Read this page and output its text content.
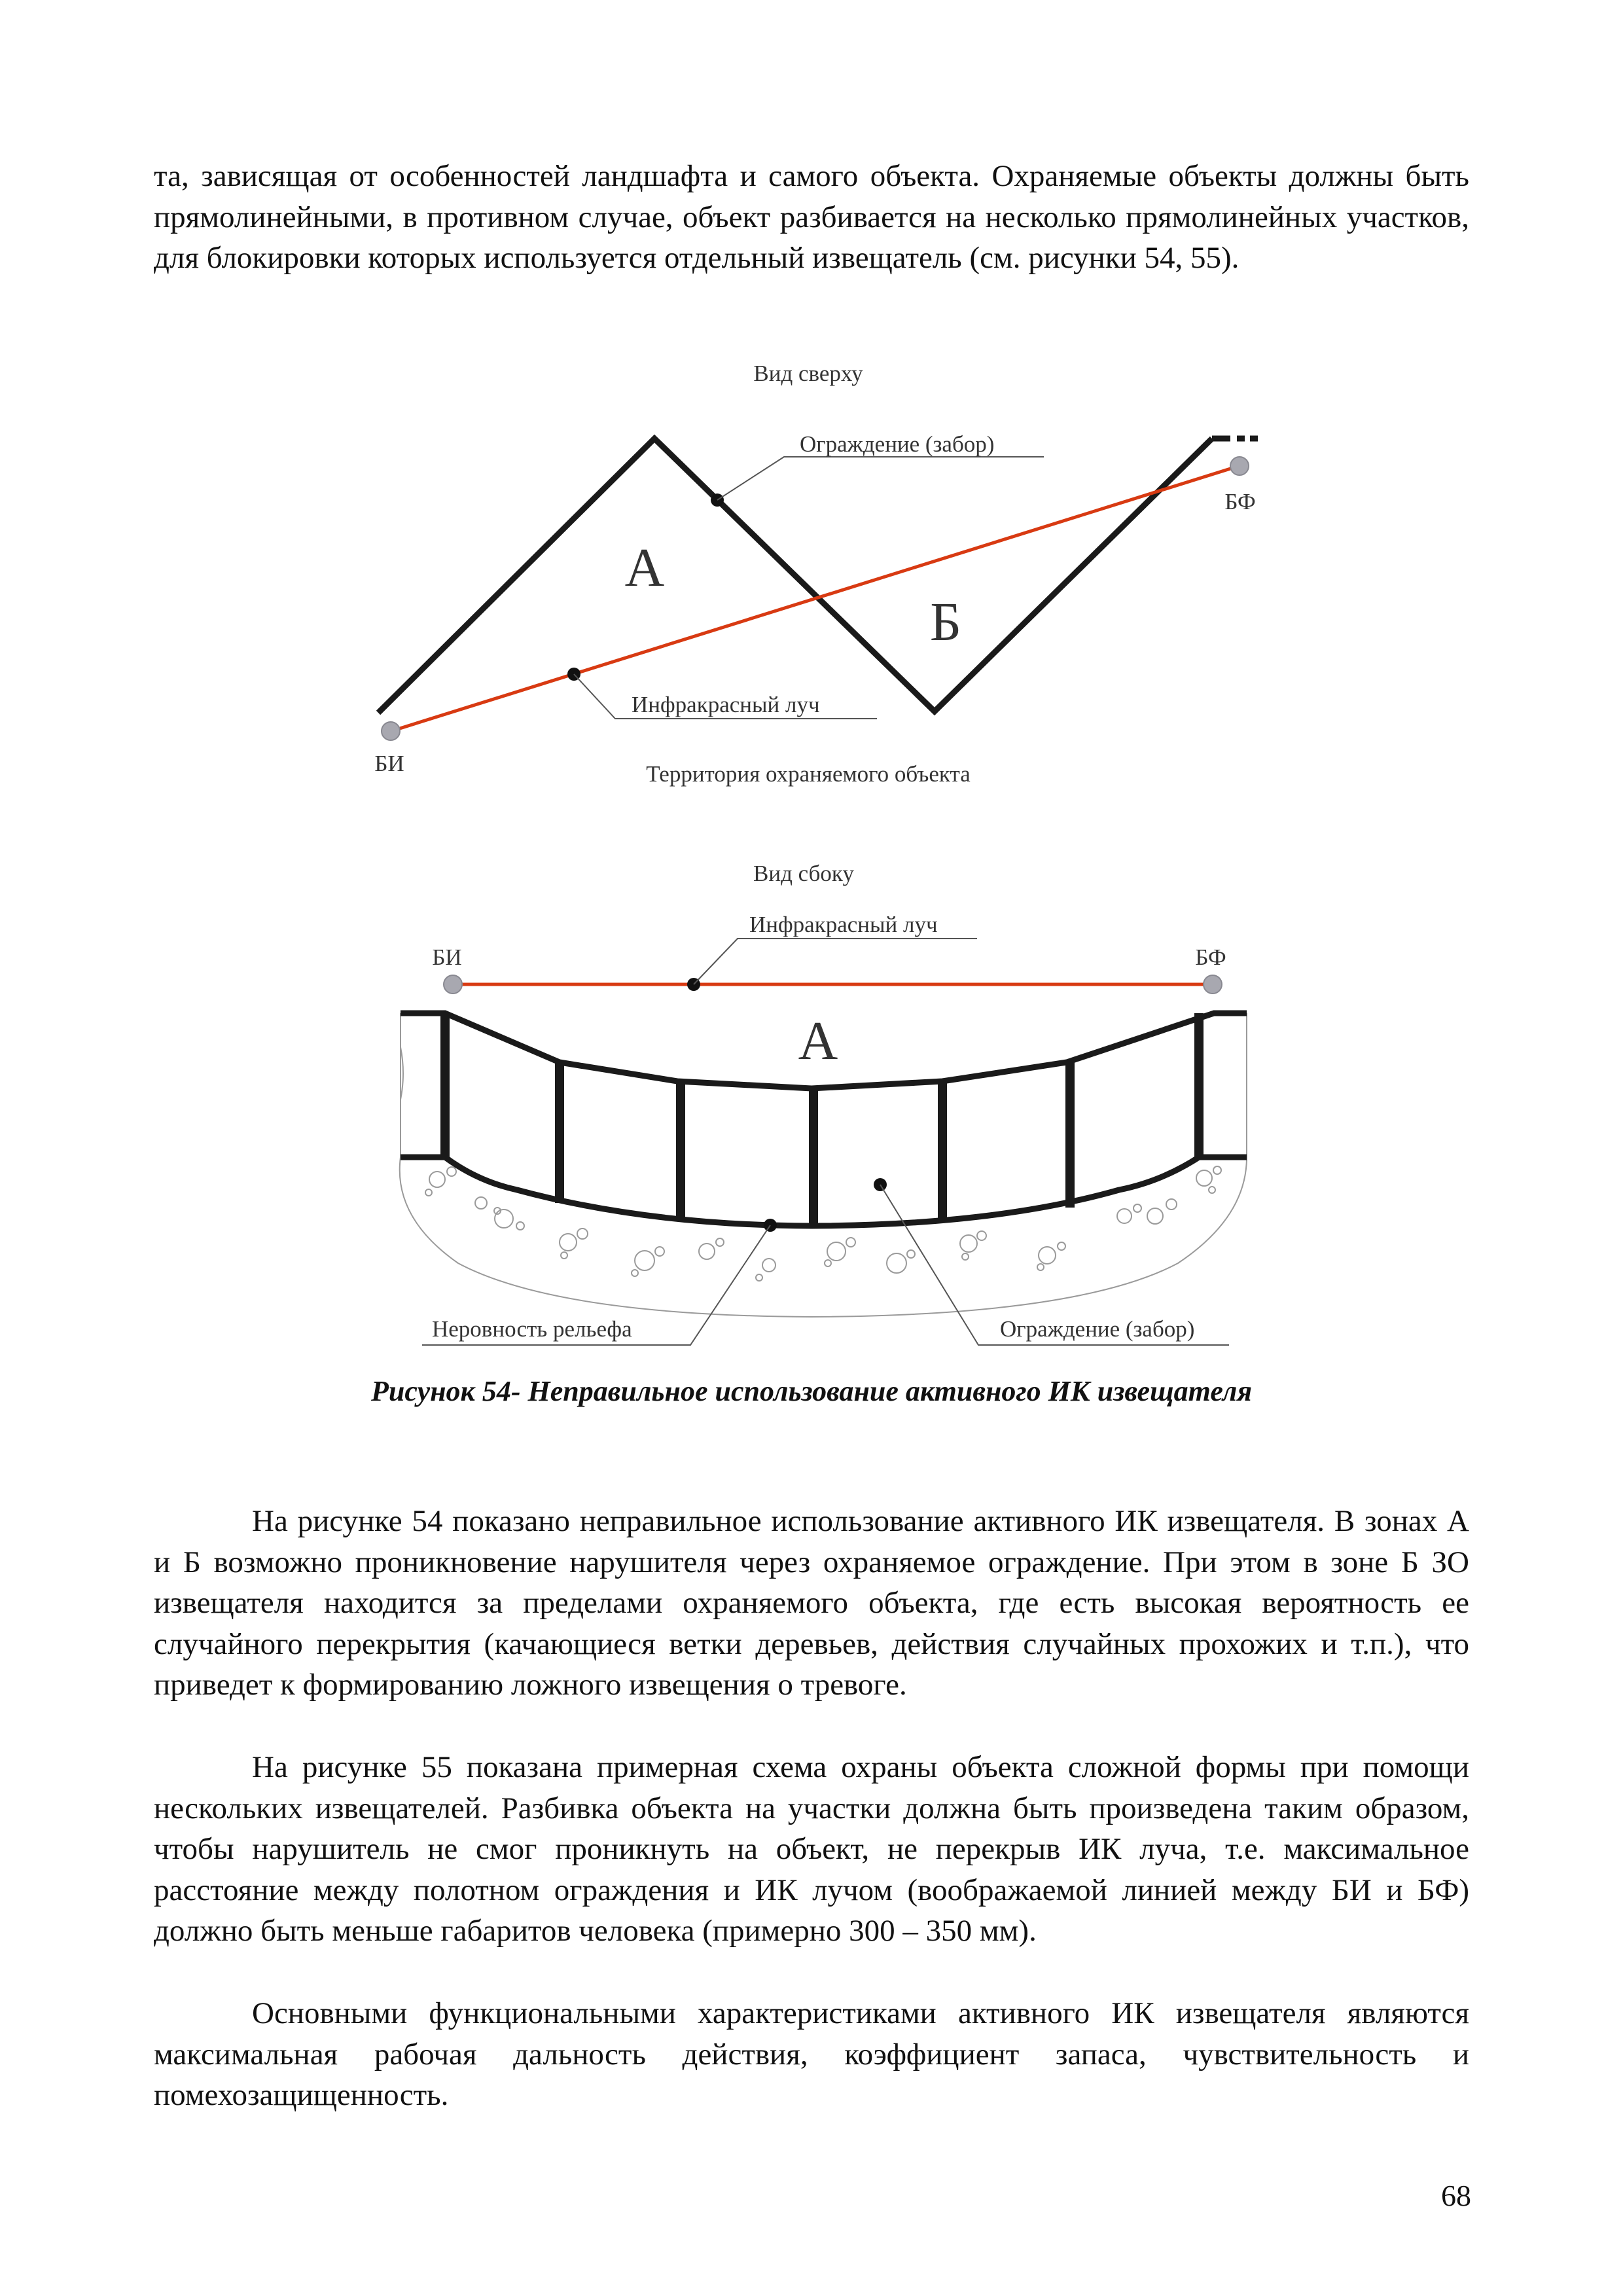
та, зависящая от особенностей ландшафта и самого объекта. Охраняемые объекты должны быть прямолинейными, в противном случае, объект разбивается на несколько прямолинейных участков, для блокировки которых используется отдельный извещатель (см. рисунки 54, 55).

Вид сверху
БИ
БФ
Ограждение (забор)
Инфракрасный луч
А
Б
Территория охраняемого объекта
Вид сбоку
БИ	БФ
Инфракрасный луч
А
Неровность рельефа	Ограждение (забор)
Рисунок 54- Неправильное использование активного ИК извещателя

На рисунке 54 показано неправильное использование активного ИК извещателя. В зонах А и Б возможно проникновение нарушителя через охраняемое ограждение. При этом в зоне Б ЗО извещателя находится за пределами охраняемого объекта, где есть высокая вероятность ее случайного перекрытия (качающиеся ветки деревьев, действия случайных прохожих и т.п.), что приведет к формированию ложного извещения о тревоге.

На рисунке 55 показана примерная схема охраны объекта сложной формы при помощи нескольких извещателей. Разбивка объекта на участки должна быть произведена таким образом, чтобы нарушитель не смог проникнуть на объект, не перекрыв ИК луча, т.е. максимальное расстояние между полотном ограждения и ИК лучом (воображаемой линией между БИ и БФ) должно быть меньше габаритов человека (примерно 300 – 350 мм).

Основными функциональными характеристиками активного ИК извещателя являются максимальная рабочая дальность действия, коэффициент запаса, чувствительность и помехозащищенность.

68
